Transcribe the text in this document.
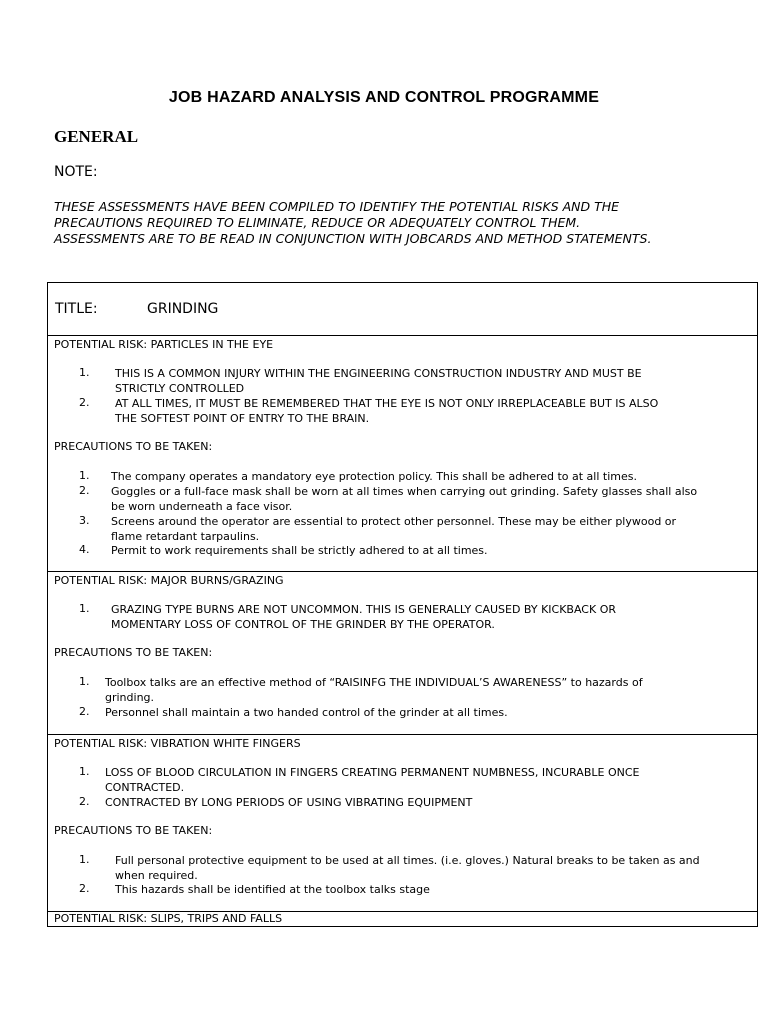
JOB HAZARD ANALYSIS AND CONTROL PROGRAMME
GENERAL
NOTE:
THESE ASSESSMENTS HAVE BEEN COMPILED TO IDENTIFY THE POTENTIAL RISKS AND THE
PRECAUTIONS REQUIRED TO ELIMINATE, REDUCE OR ADEQUATELY CONTROL THEM.
ASSESSMENTS ARE TO BE READ IN CONJUNCTION WITH JOBCARDS AND METHOD STATEMENTS.
TITLE:	GRINDING
POTENTIAL RISK: PARTICLES IN THE EYE
1. THIS IS A COMMON INJURY WITHIN THE ENGINEERING CONSTRUCTION INDUSTRY AND MUST BE
STRICTLY CONTROLLED
2. AT ALL TIMES, IT MUST BE REMEMBERED THAT THE EYE IS NOT ONLY IRREPLACEABLE BUT IS ALSO
THE SOFTEST POINT OF ENTRY TO THE BRAIN.
PRECAUTIONS TO BE TAKEN:
1. The company operates a mandatory eye protection policy. This shall be adhered to at all times.
2. Goggles or a full-face mask shall be worn at all times when carrying out grinding. Safety glasses shall also
be worn underneath a face visor.
3. Screens around the operator are essential to protect other personnel. These may be either plywood or
flame retardant tarpaulins.
4. Permit to work requirements shall be strictly adhered to at all times.
POTENTIAL RISK: MAJOR BURNS/GRAZING
1. GRAZING TYPE BURNS ARE NOT UNCOMMON. THIS IS GENERALLY CAUSED BY KICKBACK OR
MOMENTARY LOSS OF CONTROL OF THE GRINDER BY THE OPERATOR.
PRECAUTIONS TO BE TAKEN:
1. Toolbox talks are an effective method of “RAISINFG THE INDIVIDUAL’S AWARENESS” to hazards of
grinding.
2. Personnel shall maintain a two handed control of the grinder at all times.
POTENTIAL RISK: VIBRATION WHITE FINGERS
1. LOSS OF BLOOD CIRCULATION IN FINGERS CREATING PERMANENT NUMBNESS, INCURABLE ONCE
CONTRACTED.
2. CONTRACTED BY LONG PERIODS OF USING VIBRATING EQUIPMENT
PRECAUTIONS TO BE TAKEN:
1. Full personal protective equipment to be used at all times. (i.e. gloves.) Natural breaks to be taken as and
when required.
2. This hazards shall be identified at the toolbox talks stage
POTENTIAL RISK: SLIPS, TRIPS AND FALLS
